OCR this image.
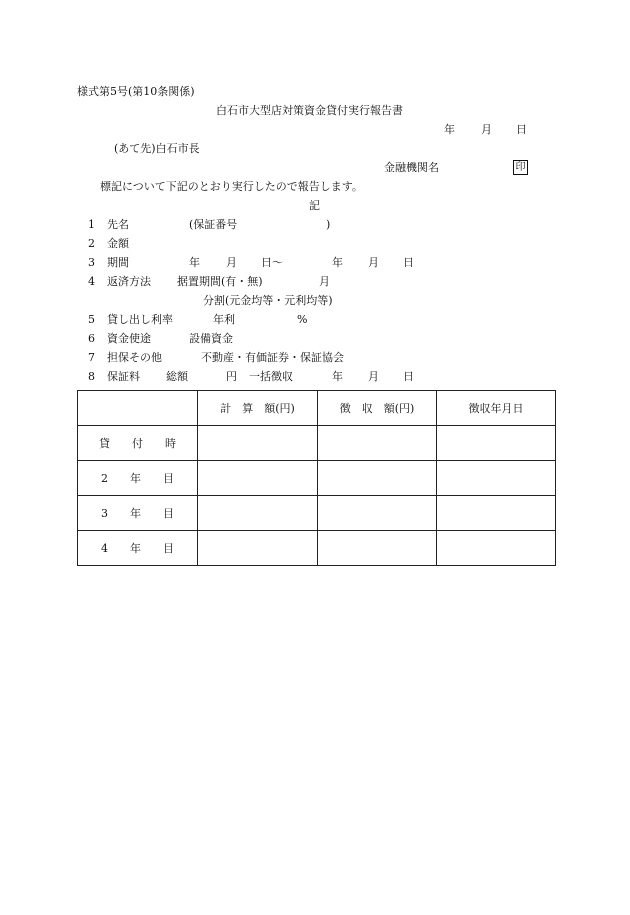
様式第5号(第10条関係)
白石市大型店対策資金貸付実行報告書
年 月 日
(あて先)白石市長
金融機関名	印
標記について下記のとおり実行したので報告します。
記
1 先名	(保証番号	)
2 金額
3 期間	年 月 日〜	年 月 日
4 返済方法 据置期間(有・無)	月
分割(元金均等・元利均等)
5 貸し出し利率	年利	%
6 資金使途	設備資金
7 担保その他	不動産・有価証券・保証協会
8 保証料 総額	円 一括徴収	年 月 日
	計　算　額(円)	徴　収　額(円)	徴収年月日
貸　　付　　時			
2　　年　　目			
3　　年　　目			
4　　年　　目			
